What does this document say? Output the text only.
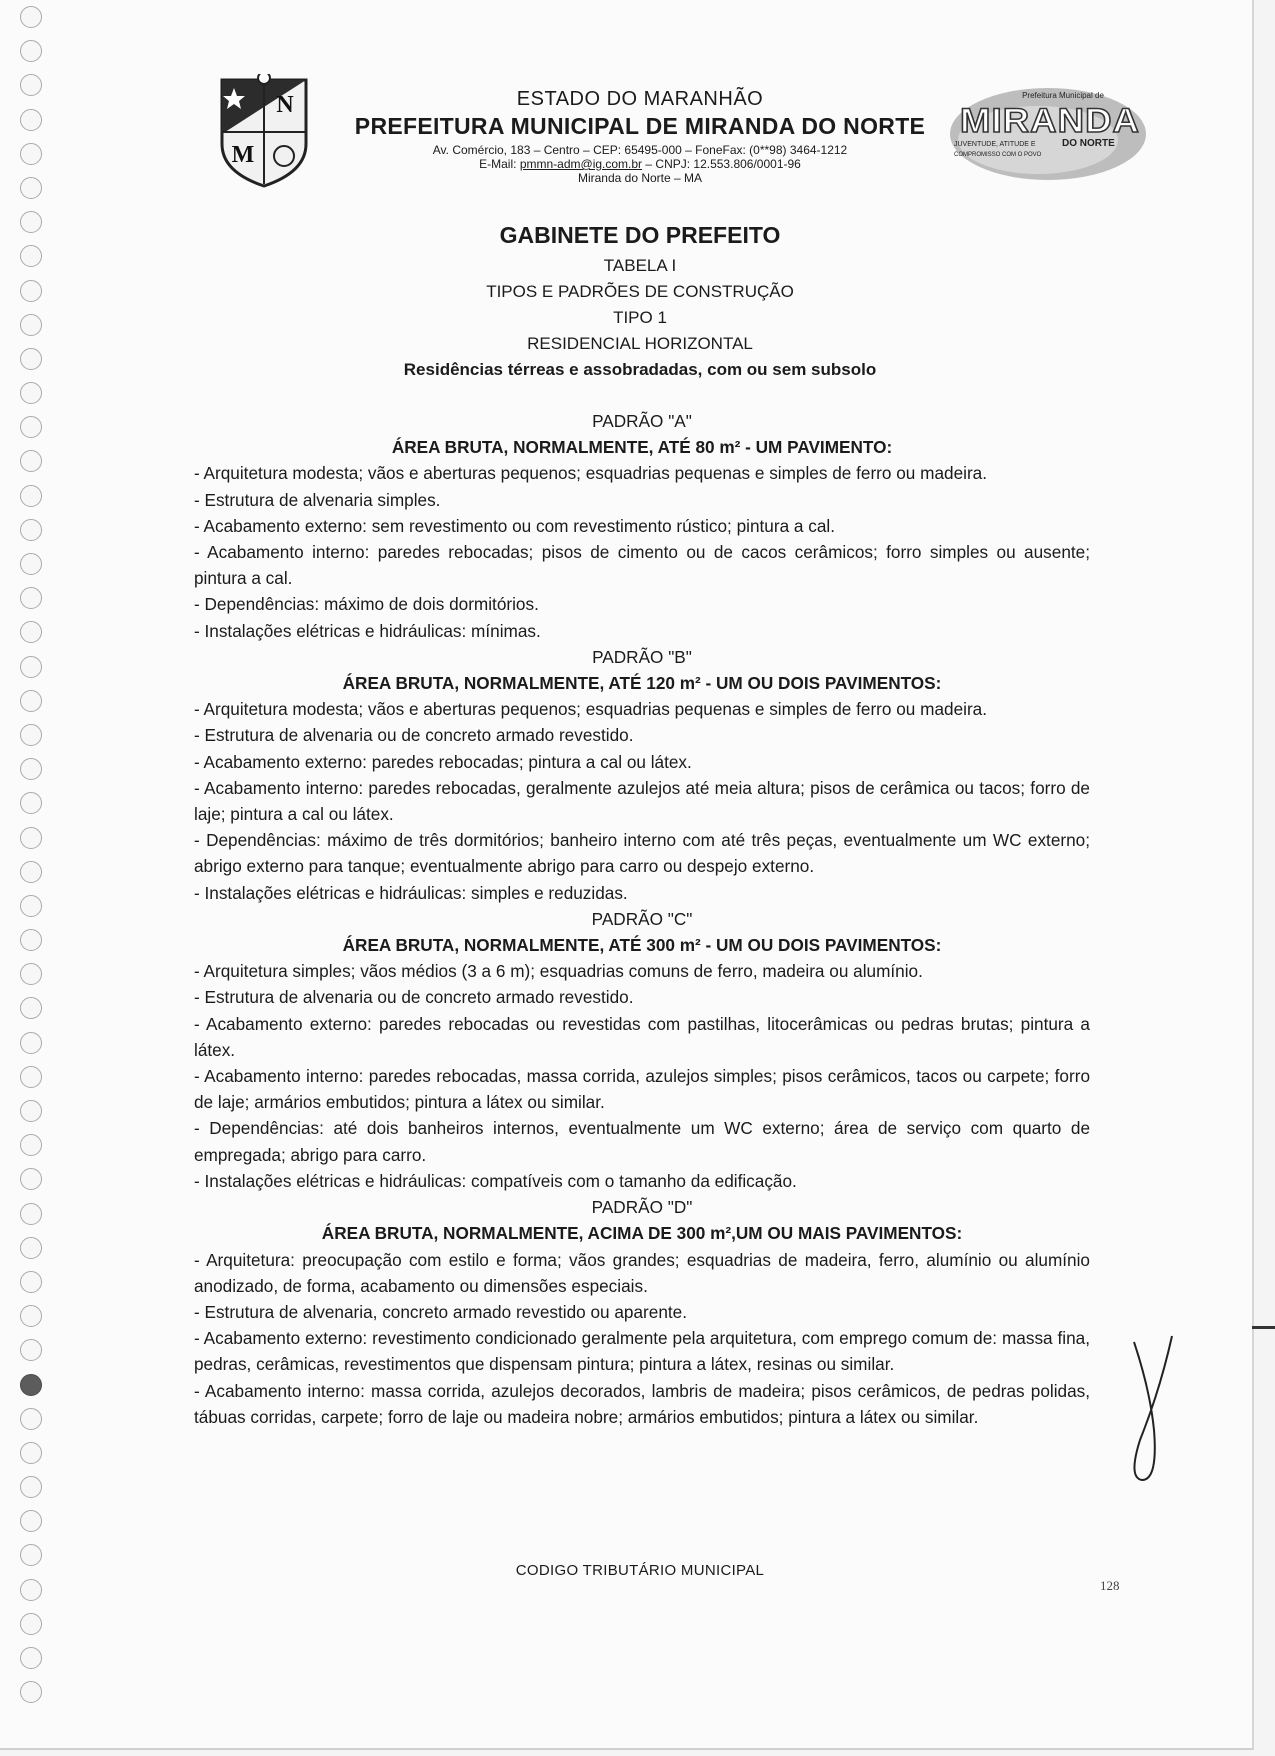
N
M
ESTADO DO MARANHÃO
PREFEITURA MUNICIPAL DE MIRANDA DO NORTE
Av. Comércio, 183 – Centro – CEP: 65495-000 – FoneFax: (0**98) 3464-1212
E-Mail: pmmn-adm@ig.com.br – CNPJ: 12.553.806/0001-96
Miranda do Norte – MA
Prefeitura Municipal de
MIRANDA
JUVENTUDE, ATITUDE E	DO NORTE
COMPROMISSO COM O POVO
GABINETE DO PREFEITO
TABELA I
TIPOS E PADRÕES DE CONSTRUÇÃO
TIPO 1
RESIDENCIAL HORIZONTAL
Residências térreas e assobradadas, com ou sem subsolo
PADRÃO "A"
ÁREA BRUTA, NORMALMENTE, ATÉ 80 m² - UM PAVIMENTO:

- Arquitetura modesta; vãos e aberturas pequenos; esquadrias pequenas e simples de ferro ou madeira.

- Estrutura de alvenaria simples.

- Acabamento externo: sem revestimento ou com revestimento rústico; pintura a cal.

- Acabamento interno: paredes rebocadas; pisos de cimento ou de cacos cerâmicos; forro simples ou ausente; pintura a cal.

- Dependências: máximo de dois dormitórios.

- Instalações elétricas e hidráulicas: mínimas.

PADRÃO "B"
ÁREA BRUTA, NORMALMENTE, ATÉ 120 m² - UM OU DOIS PAVIMENTOS:

- Arquitetura modesta; vãos e aberturas pequenos; esquadrias pequenas e simples de ferro ou madeira.

- Estrutura de alvenaria ou de concreto armado revestido.

- Acabamento externo: paredes rebocadas; pintura a cal ou látex.

- Acabamento interno: paredes rebocadas, geralmente azulejos até meia altura; pisos de cerâmica ou tacos; forro de laje; pintura a cal ou látex.

- Dependências: máximo de três dormitórios; banheiro interno com até três peças, eventualmente um WC externo; abrigo externo para tanque; eventualmente abrigo para carro ou despejo externo.

- Instalações elétricas e hidráulicas: simples e reduzidas.

PADRÃO "C"
ÁREA BRUTA, NORMALMENTE, ATÉ 300 m² - UM OU DOIS PAVIMENTOS:

- Arquitetura simples; vãos médios (3 a 6 m); esquadrias comuns de ferro, madeira ou alumínio.

- Estrutura de alvenaria ou de concreto armado revestido.

- Acabamento externo: paredes rebocadas ou revestidas com pastilhas, litocerâmicas ou pedras brutas; pintura a látex.

- Acabamento interno: paredes rebocadas, massa corrida, azulejos simples; pisos cerâmicos, tacos ou carpete; forro de laje; armários embutidos; pintura a látex ou similar.

- Dependências: até dois banheiros internos, eventualmente um WC externo; área de serviço com quarto de empregada; abrigo para carro.

- Instalações elétricas e hidráulicas: compatíveis com o tamanho da edificação.

PADRÃO "D"
ÁREA BRUTA, NORMALMENTE, ACIMA DE 300 m²,UM OU MAIS PAVIMENTOS:

- Arquitetura: preocupação com estilo e forma; vãos grandes; esquadrias de madeira, ferro, alumínio ou alumínio anodizado, de forma, acabamento ou dimensões especiais.

- Estrutura de alvenaria, concreto armado revestido ou aparente.

- Acabamento externo: revestimento condicionado geralmente pela arquitetura, com emprego comum de: massa fina, pedras, cerâmicas, revestimentos que dispensam pintura; pintura a látex, resinas ou similar.

- Acabamento interno: massa corrida, azulejos decorados, lambris de madeira; pisos cerâmicos, de pedras polidas, tábuas corridas, carpete; forro de laje ou madeira nobre; armários embutidos; pintura a látex ou similar.

CODIGO TRIBUTÁRIO MUNICIPAL
128
